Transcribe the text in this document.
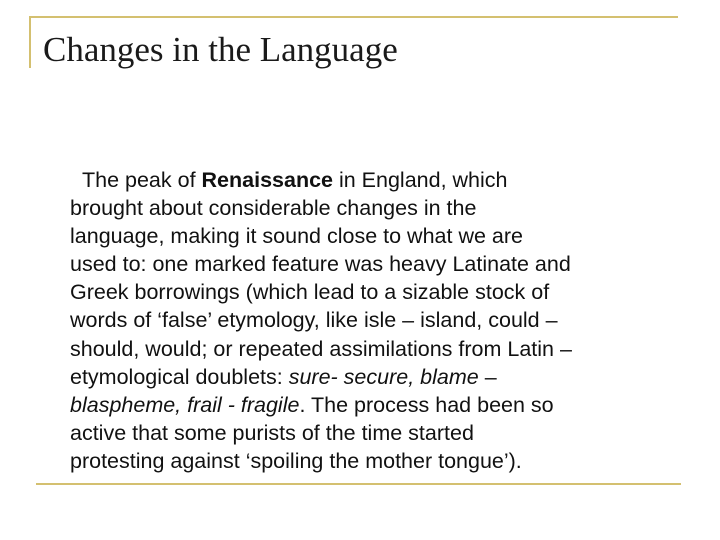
Changes in the Language
The peak of Renaissance in England, which
brought about considerable changes in the
language, making it sound close to what we are
used to: one marked feature was heavy Latinate and
Greek borrowings (which lead to a sizable stock of
words of ‘false’ etymology, like isle – island, could –
should, would; or repeated assimilations from Latin –
etymological doublets: sure- secure, blame –
blaspheme, frail - fragile. The process had been so
active that some purists of the time started
protesting against ‘spoiling the mother tongue’).
